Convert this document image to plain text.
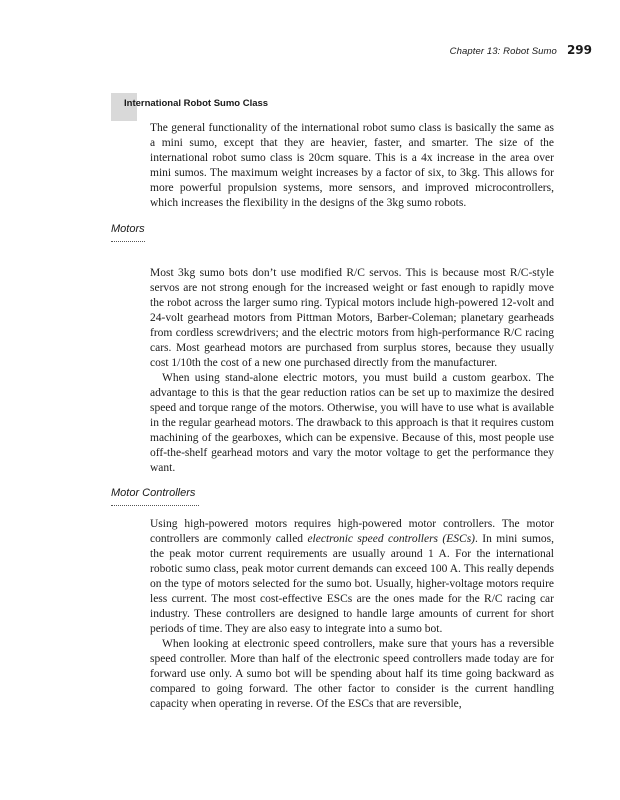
Chapter 13: Robot Sumo 299
International Robot Sumo Class

The general functionality of the international robot sumo class is basically the same as a mini sumo, except that they are heavier, faster, and smarter. The size of the international robot sumo class is 20cm square. This is a 4x increase in the area over mini sumos. The maximum weight increases by a factor of six, to 3kg. This allows for more powerful propulsion systems, more sensors, and improved microcontrollers, which increases the flexibility in the designs of the 3kg sumo robots.

Motors

Most 3kg sumo bots don’t use modified R/C servos. This is because most R/C-style servos are not strong enough for the increased weight or fast enough to rapidly move the robot across the larger sumo ring. Typical motors include high-powered 12-volt and 24-volt gearhead motors from Pittman Motors, Barber-Coleman; planetary gearheads from cordless screwdrivers; and the electric motors from high-performance R/C racing cars. Most gearhead motors are purchased from surplus stores, because they usually cost 1/10th the cost of a new one purchased directly from the manufacturer.

When using stand-alone electric motors, you must build a custom gearbox. The advantage to this is that the gear reduction ratios can be set up to maximize the desired speed and torque range of the motors. Otherwise, you will have to use what is available in the regular gearhead motors. The drawback to this approach is that it requires custom machining of the gearboxes, which can be expensive. Because of this, most people use off-the-shelf gearhead motors and vary the motor voltage to get the performance they want.

Motor Controllers

Using high-powered motors requires high-powered motor controllers. The motor controllers are commonly called electronic speed controllers (ESCs). In mini sumos, the peak motor current requirements are usually around 1 A. For the international robotic sumo class, peak motor current demands can exceed 100 A. This really depends on the type of motors selected for the sumo bot. Usually, higher-voltage motors require less current. The most cost-effective ESCs are the ones made for the R/C racing car industry. These controllers are designed to handle large amounts of current for short periods of time. They are also easy to integrate into a sumo bot.

When looking at electronic speed controllers, make sure that yours has a reversible speed controller. More than half of the electronic speed controllers made today are for forward use only. A sumo bot will be spending about half its time going backward as compared to going forward. The other factor to consider is the current handling capacity when operating in reverse. Of the ESCs that are reversible,
